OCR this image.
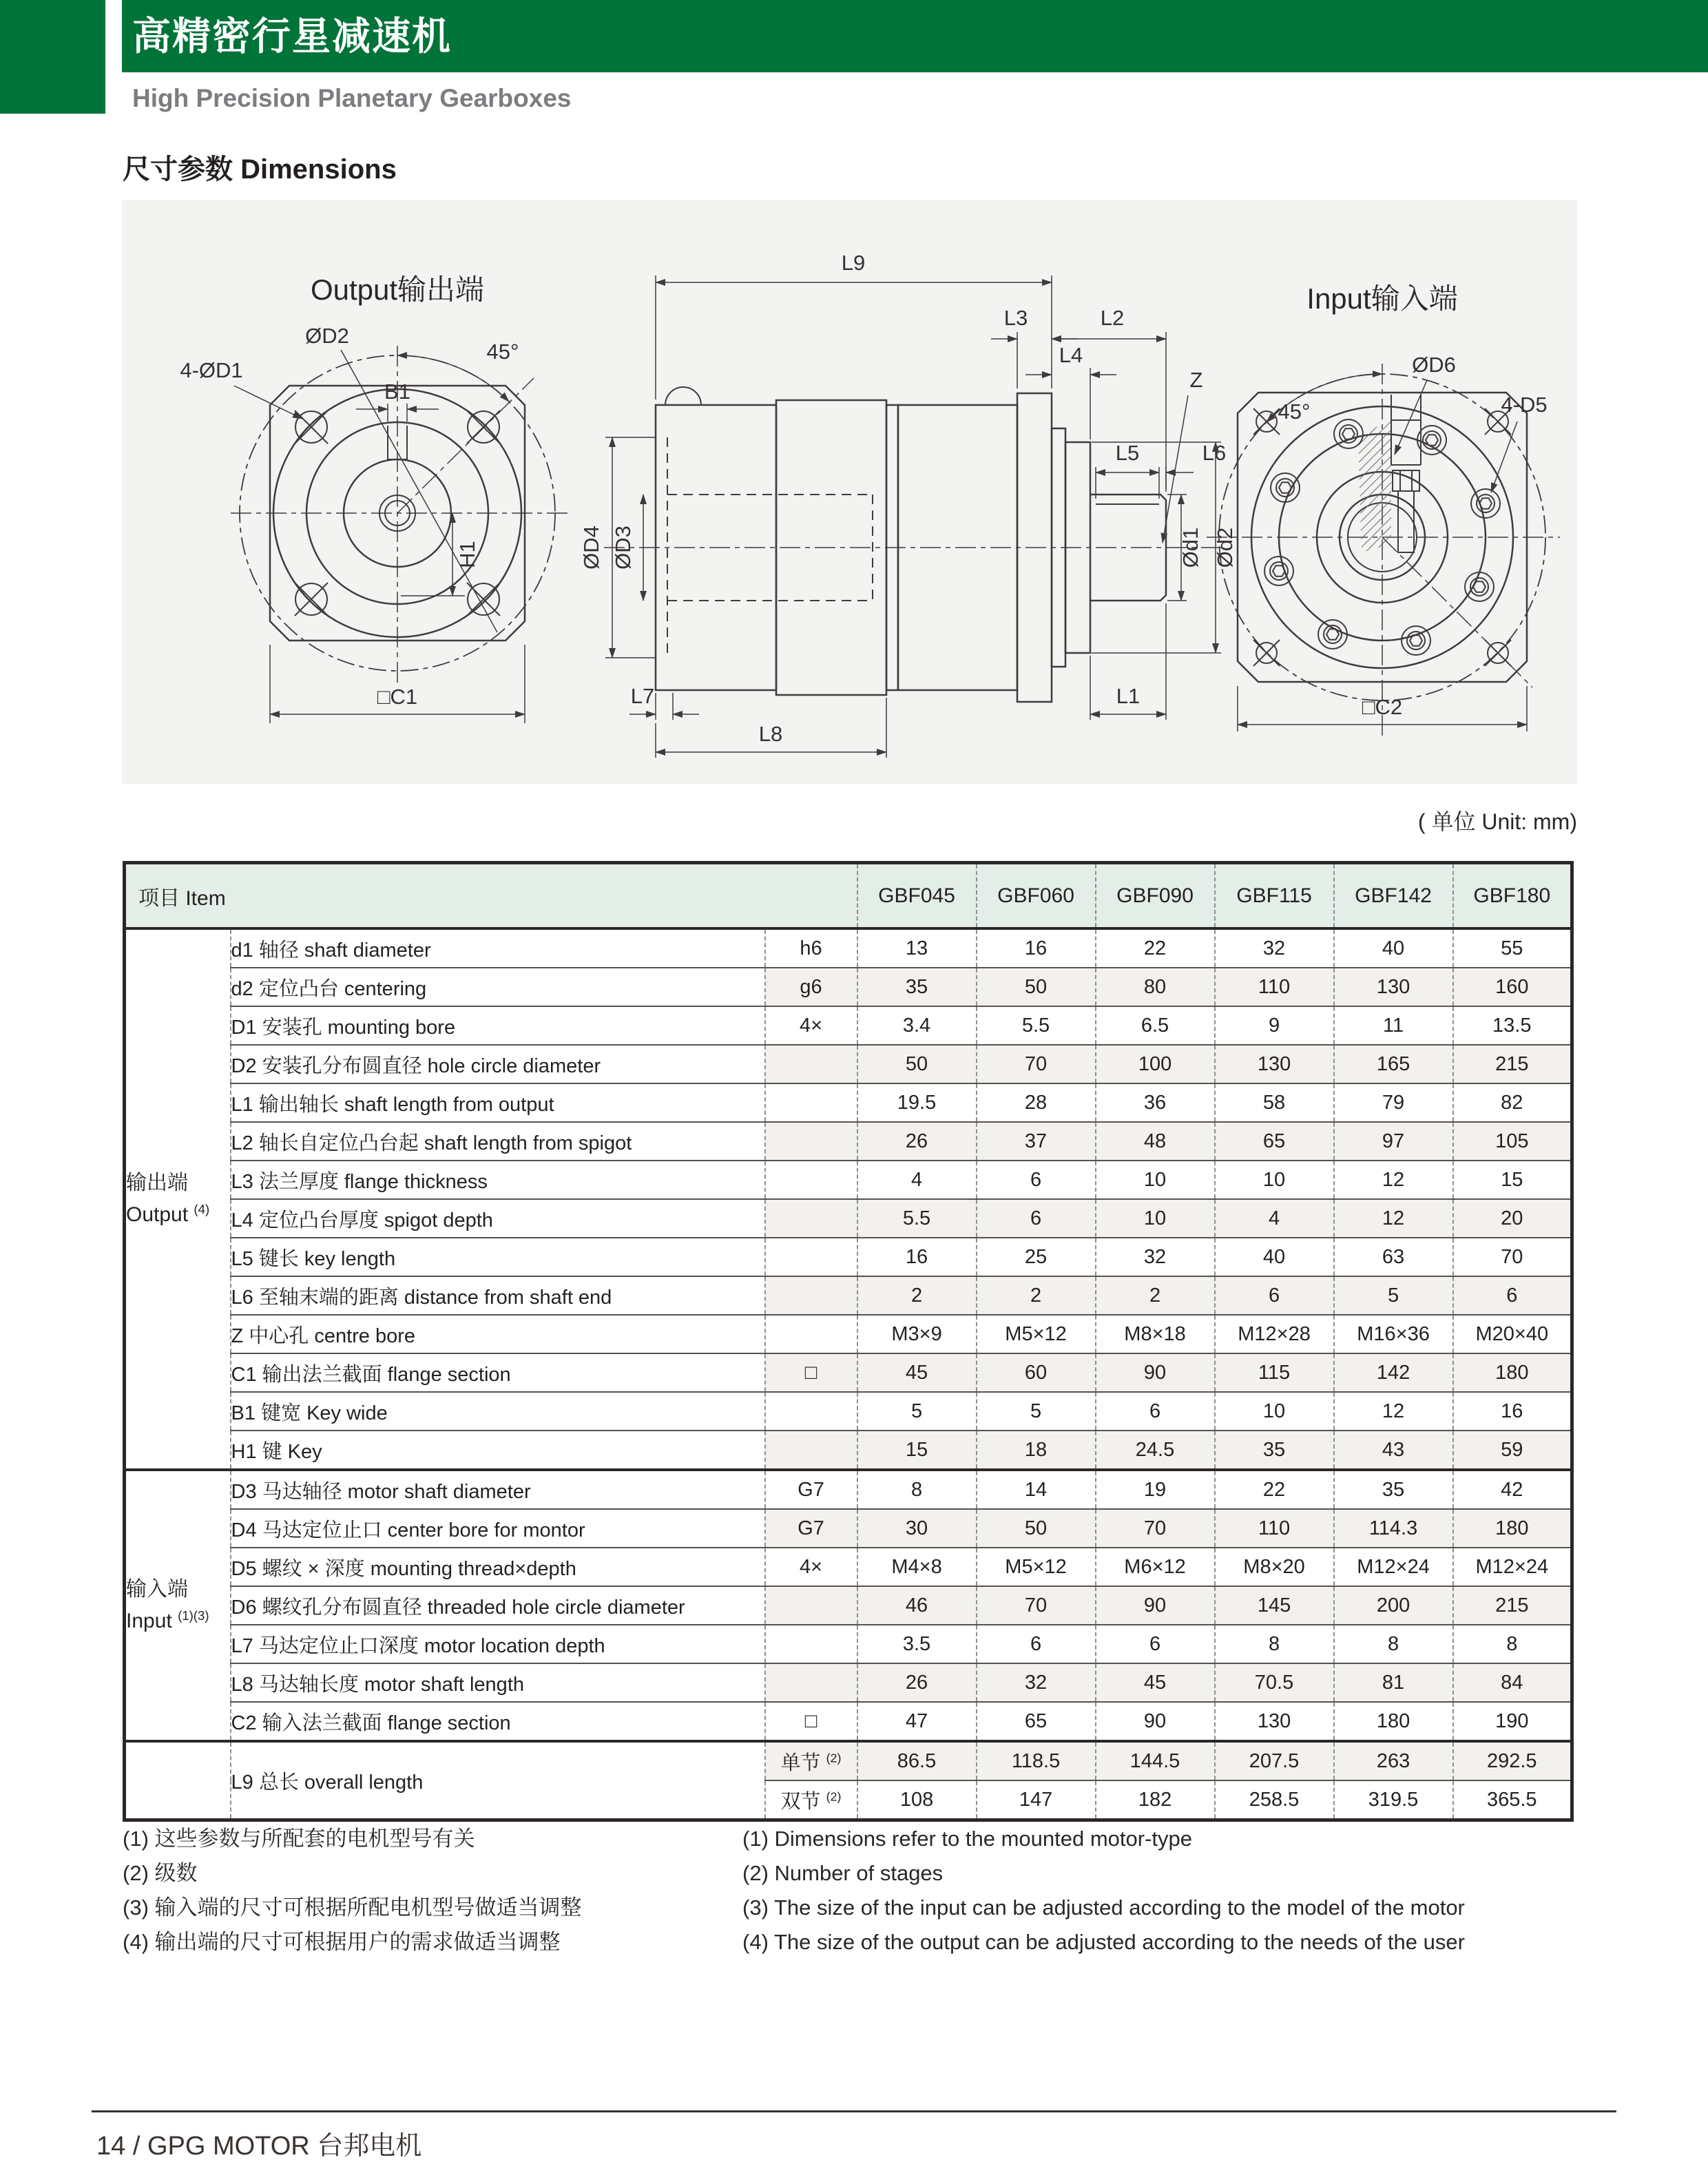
高精密行星减速机
High Precision Planetary Gearboxes
尺寸参数 Dimensions
Output输出端
B1
H1
ØD2
45°
4-ØD1
□C1
ØD4 ØD3
L9
L3	L2
L4
Z
L5	L6
Ød1 Ød2
L1
L7
L8
Input输入端
45°
ØD6
4-D5
□C2
( 单位 Unit: mm)
项目 Item			GBF045	GBF060	GBF090	GBF115	GBF142	GBF180

输出端
Output $^{(4)}$	d1 轴径 shaft diameter	h6	13	16	22	32	40	55
	d2 定位凸台 centering	g6	35	50	80	110	130	160
	D1 安装孔 mounting bore	4×	3.4	5.5	6.5	9	11	13.5
	D2 安装孔分布圆直径 hole circle diameter		50	70	100	130	165	215
	L1 输出轴长 shaft length from output		19.5	28	36	58	79	82
	L2 轴长自定位凸台起 shaft length from spigot		26	37	48	65	97	105
	L3 法兰厚度 flange thickness		4	6	10	10	12	15
	L4 定位凸台厚度 spigot depth		5.5	6	10	4	12	20
	L5 键长 key length		16	25	32	40	63	70
	L6 至轴末端的距离 distance from shaft end		2	2	2	6	5	6
	Z 中心孔 centre bore		M3×9	M5×12	M8×18	M12×28	M16×36	M20×40
	C1 输出法兰截面 flange section	□	45	60	90	115	142	180
	B1 键宽 Key wide		5	5	6	10	12	16
	H1 键 Key		15	18	24.5	35	43	59

输入端
Input $^{(1)(3)}$	D3 马达轴径 motor shaft diameter	G7	8	14	19	22	35	42
	D4 马达定位止口 center bore for montor	G7	30	50	70	110	114.3	180
	D5 螺纹 × 深度 mounting thread×depth	4×	M4×8	M5×12	M6×12	M8×20	M12×24	M12×24
	D6 螺纹孔分布圆直径 threaded hole circle diameter		46	70	90	145	200	215
	L7 马达定位止口深度 motor location depth		3.5	6	6	8	8	8
	L8 马达轴长度 motor shaft length		26	32	45	70.5	81	84
	C2 输入法兰截面 flange section	□	47	65	90	130	180	190
	L9 总长 overall length	单节 $^{(2)}$	86.5	118.5	144.5	207.5	263	292.5
		双节 $^{(2)}$	108	147	182	258.5	319.5	365.5
(1) 这些参数与所配套的电机型号有关
(2) 级数
(3) 输入端的尺寸可根据所配电机型号做适当调整
(4) 输出端的尺寸可根据用户的需求做适当调整
(1) Dimensions refer to the mounted motor-type
(2) Number of stages
(3) The size of the input can be adjusted according to the model of the motor
(4) The size of the output can be adjusted according to the needs of the user
14 / GPG MOTOR 台邦电机
